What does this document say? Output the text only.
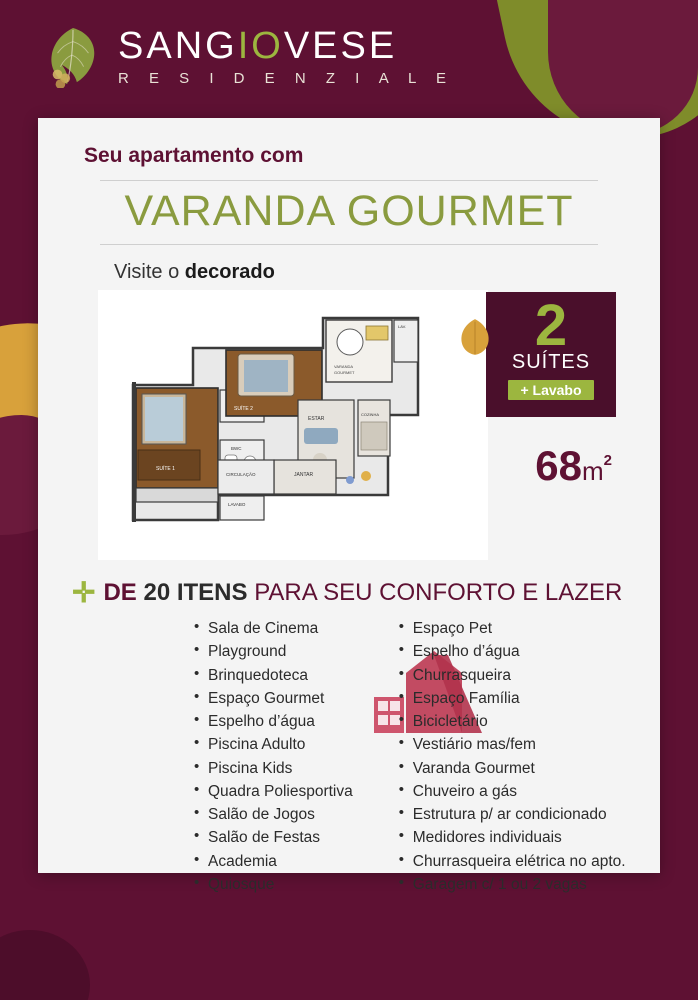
SANGIOVESE
R E S I D E N Z I A L E
Seu apartamento com
VARANDA GOURMET
Visite o decorado
SUÍTE 1
BWC
SUÍTE 2
VARANDA
GOURMET
LAV.
ESTAR
COZINHA
JANTAR
CIRCULAÇÃO
LAVABO
2
SUÍTES
+ Lavabo
$68m^2$
✛ DE 20 ITENS PARA SEU CONFORTO E LAZER
• Sala de Cinema
• Playground
• Brinquedoteca
• Espaço Gourmet
• Espelho d’água
• Piscina Adulto
• Piscina Kids
• Quadra Poliesportiva
• Salão de Jogos
• Salão de Festas
• Academia
• Quiosque
• Espaço Pet
• Espelho d’água
• Churrasqueira
• Espaço Família
• Bicicletário
• Vestiário mas/fem
• Varanda Gourmet
• Chuveiro a gás
• Estrutura p/ ar condicionado
• Medidores individuais
• Churrasqueira elétrica no apto.
• Garagem c/ 1 ou 2 vagas
